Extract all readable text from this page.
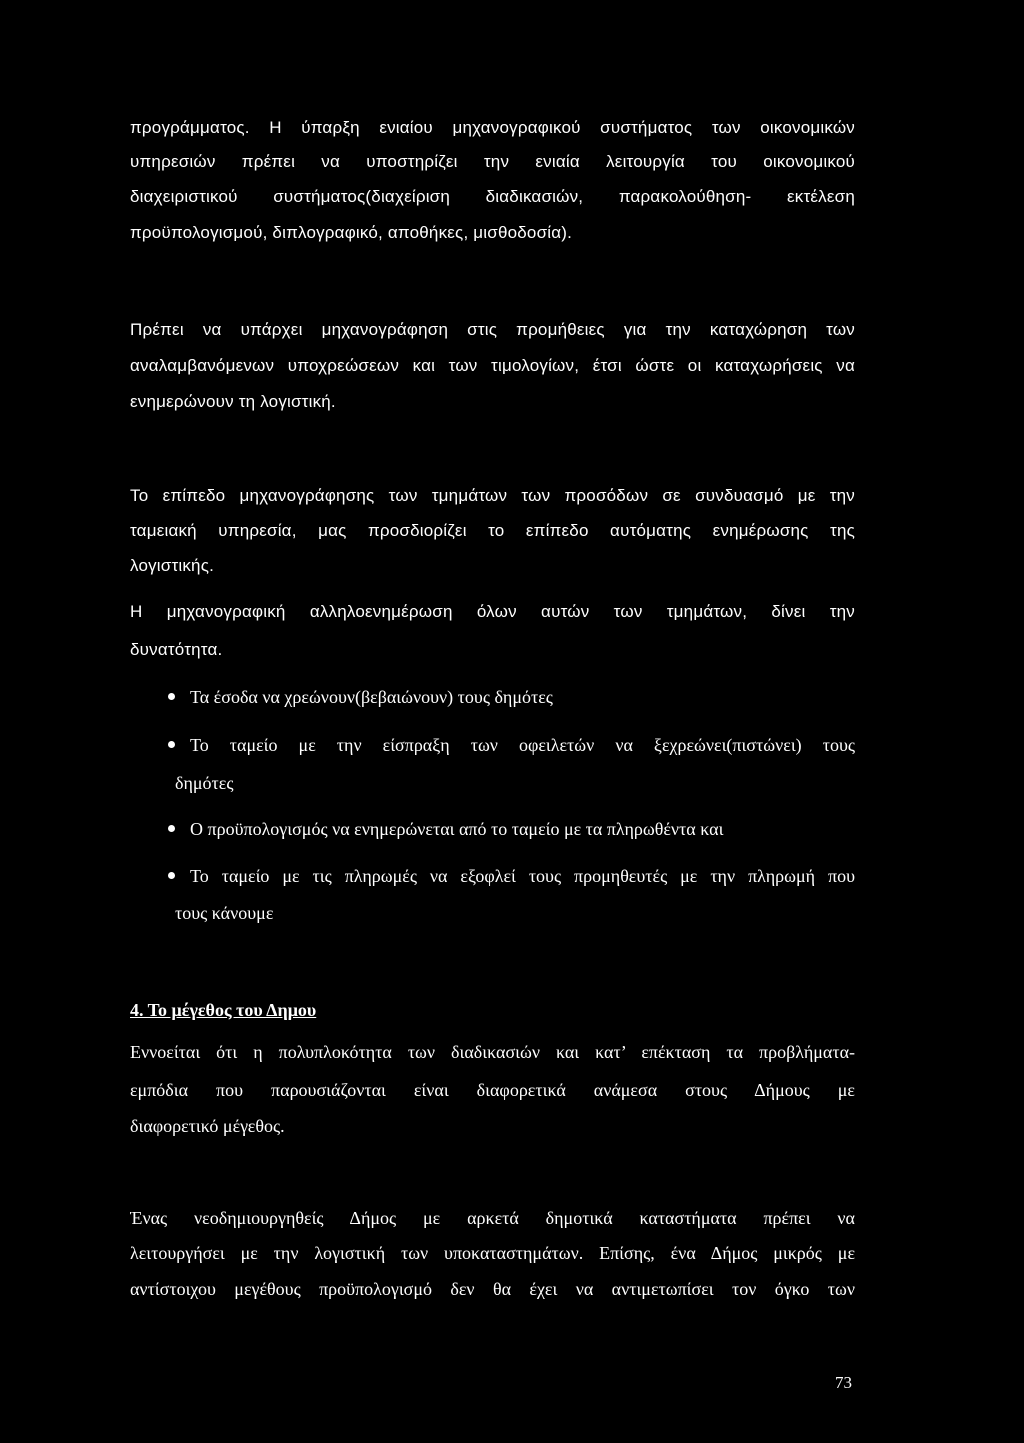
προγράμματος. Η ύπαρξη ενιαίου μηχανογραφικού συστήματος των οικονομικών
υπηρεσιών πρέπει να υποστηρίζει την ενιαία λειτουργία του οικονομικού
διαχειριστικού συστήματος(διαχείριση διαδικασιών, παρακολούθηση- εκτέλεση
προϋπολογισμού, διπλογραφικό, αποθήκες, μισθοδοσία).
Πρέπει να υπάρχει μηχανογράφηση στις προμήθειες για την καταχώρηση των
αναλαμβανόμενων υποχρεώσεων και των τιμολογίων, έτσι ώστε οι καταχωρήσεις να
ενημερώνουν τη λογιστική.
Το επίπεδο μηχανογράφησης των τμημάτων των προσόδων σε συνδυασμό με την
ταμειακή υπηρεσία, μας προσδιορίζει το επίπεδο αυτόματης ενημέρωσης της
λογιστικής.
Η μηχανογραφική αλληλοενημέρωση όλων αυτών των τμημάτων, δίνει την
δυνατότητα.
Τα έσοδα να χρεώνουν(βεβαιώνουν) τους δημότες
Το ταμείο με την είσπραξη των οφειλετών να ξεχρεώνει(πιστώνει) τους
δημότες
Ο προϋπολογισμός να ενημερώνεται από το ταμείο με τα πληρωθέντα και
Το ταμείο με τις πληρωμές να εξοφλεί τους προμηθευτές με την πληρωμή που
τους κάνουμε
4. Το μέγεθος του Δημου
Εννοείται ότι η πολυπλοκότητα των διαδικασιών και κατ’ επέκταση τα προβλήματα-
εμπόδια που παρουσιάζονται είναι διαφορετικά ανάμεσα στους Δήμους με
διαφορετικό μέγεθος.
Ένας νεοδημιουργηθείς Δήμος με αρκετά δημοτικά καταστήματα πρέπει να
λειτουργήσει με την λογιστική των υποκαταστημάτων. Επίσης, ένα Δήμος μικρός με
αντίστοιχου μεγέθους προϋπολογισμό δεν θα έχει να αντιμετωπίσει τον όγκο των
73
